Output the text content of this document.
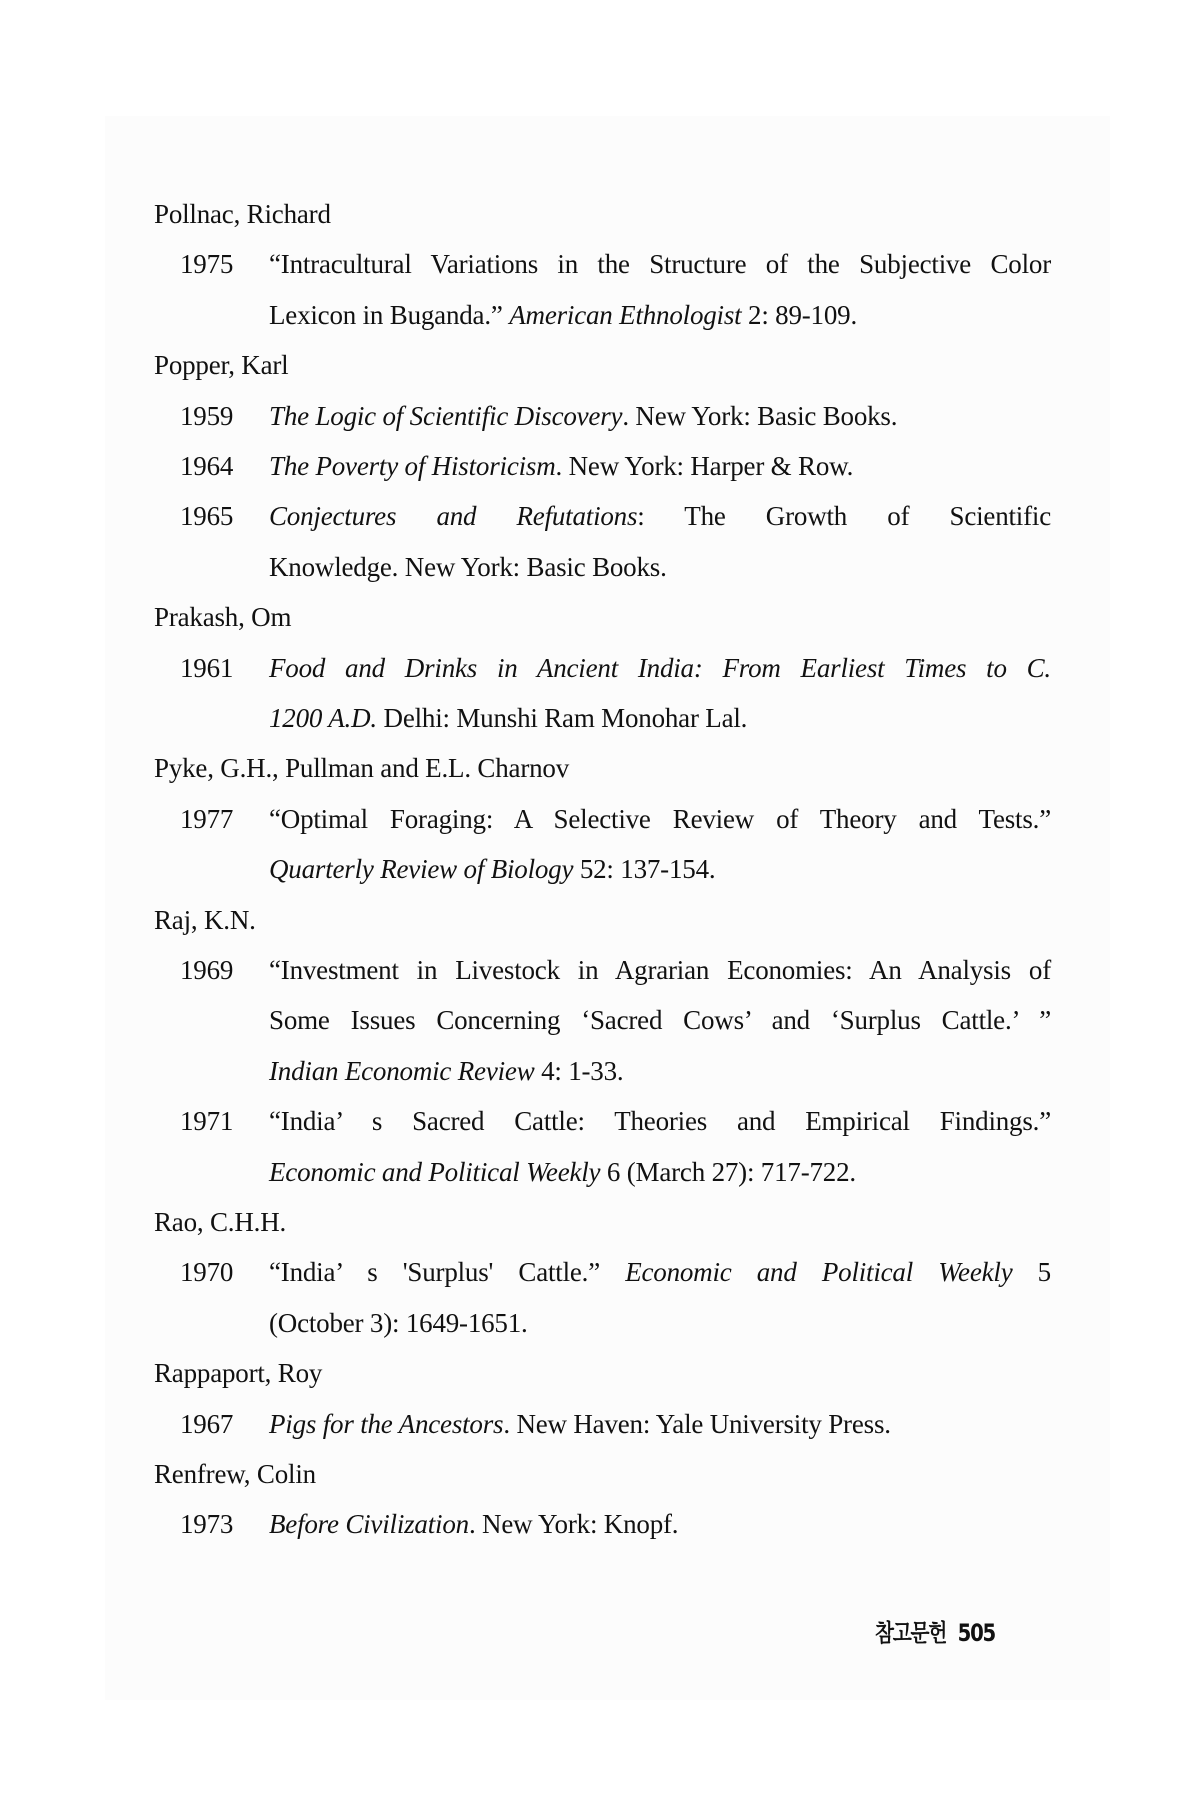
Pollnac, Richard
1975 “Intracultural Variations in the Structure of the Subjective Color
Lexicon in Buganda.” American Ethnologist 2: 89-109.
Popper, Karl
1959 The Logic of Scientific Discovery. New York: Basic Books.
1964 The Poverty of Historicism. New York: Harper & Row.
1965 Conjectures and Refutations: The Growth of Scientific
Knowledge. New York: Basic Books.
Prakash, Om
1961 Food and Drinks in Ancient India: From Earliest Times to C.
1200 A.D. Delhi: Munshi Ram Monohar Lal.
Pyke, G.H., Pullman and E.L. Charnov
1977 “Optimal Foraging: A Selective Review of Theory and Tests.”
Quarterly Review of Biology 52: 137-154.
Raj, K.N.
1969 “Investment in Livestock in Agrarian Economies: An Analysis of
Some Issues Concerning ‘Sacred Cows’ and ‘Surplus Cattle.’ ”
Indian Economic Review 4: 1-33.
1971 “India’ s Sacred Cattle: Theories and Empirical Findings.”
Economic and Political Weekly 6 (March 27): 717-722.
Rao, C.H.H.
1970 “India’ s 'Surplus' Cattle.” Economic and Political Weekly 5
(October 3): 1649-1651.
Rappaport, Roy
1967 Pigs for the Ancestors. New Haven: Yale University Press.
Renfrew, Colin
1973 Before Civilization. New York: Knopf.
참고문헌 505
